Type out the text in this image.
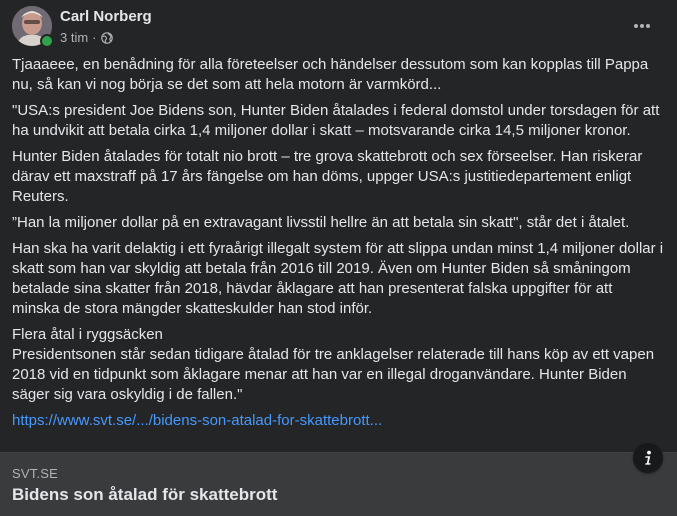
Carl Norberg
3 tim ·

Tjaaaeee, en benådning för alla företeelser och händelser dessutom som kan kopplas till Pappa nu, så kan vi nog börja se det som att hela motorn är varmkörd...

"USA:s president Joe Bidens son, Hunter Biden åtalades i federal domstol under torsdagen för att ha undvikit att betala cirka 1,4 miljoner dollar i skatt – motsvarande cirka 14,5 miljoner kronor.

Hunter Biden åtalades för totalt nio brott – tre grova skattebrott och sex förseelser. Han riskerar därav ett maxstraff på 17 års fängelse om han döms, uppger USA:s justitiedepartement enligt Reuters.

”Han la miljoner dollar på en extravagant livsstil hellre än att betala sin skatt", står det i åtalet.

Han ska ha varit delaktig i ett fyraårigt illegalt system för att slippa undan minst 1,4 miljoner dollar i skatt som han var skyldig att betala från 2016 till 2019. Även om Hunter Biden så småningom betalade sina skatter från 2018, hävdar åklagare att han presenterat falska uppgifter för att minska de stora mängder skatteskulder han stod inför.

Flera åtal i ryggsäcken
Presidentsonen står sedan tidigare åtalad för tre anklagelser relaterade till hans köp av ett vapen 2018 vid en tidpunkt som åklagare menar att han var en illegal droganvändare. Hunter Biden säger sig vara oskyldig i de fallen."

https://www.svt.se/.../bidens-son-atalad-for-skattebrott...

SVT.SE
Bidens son åtalad för skattebrott
